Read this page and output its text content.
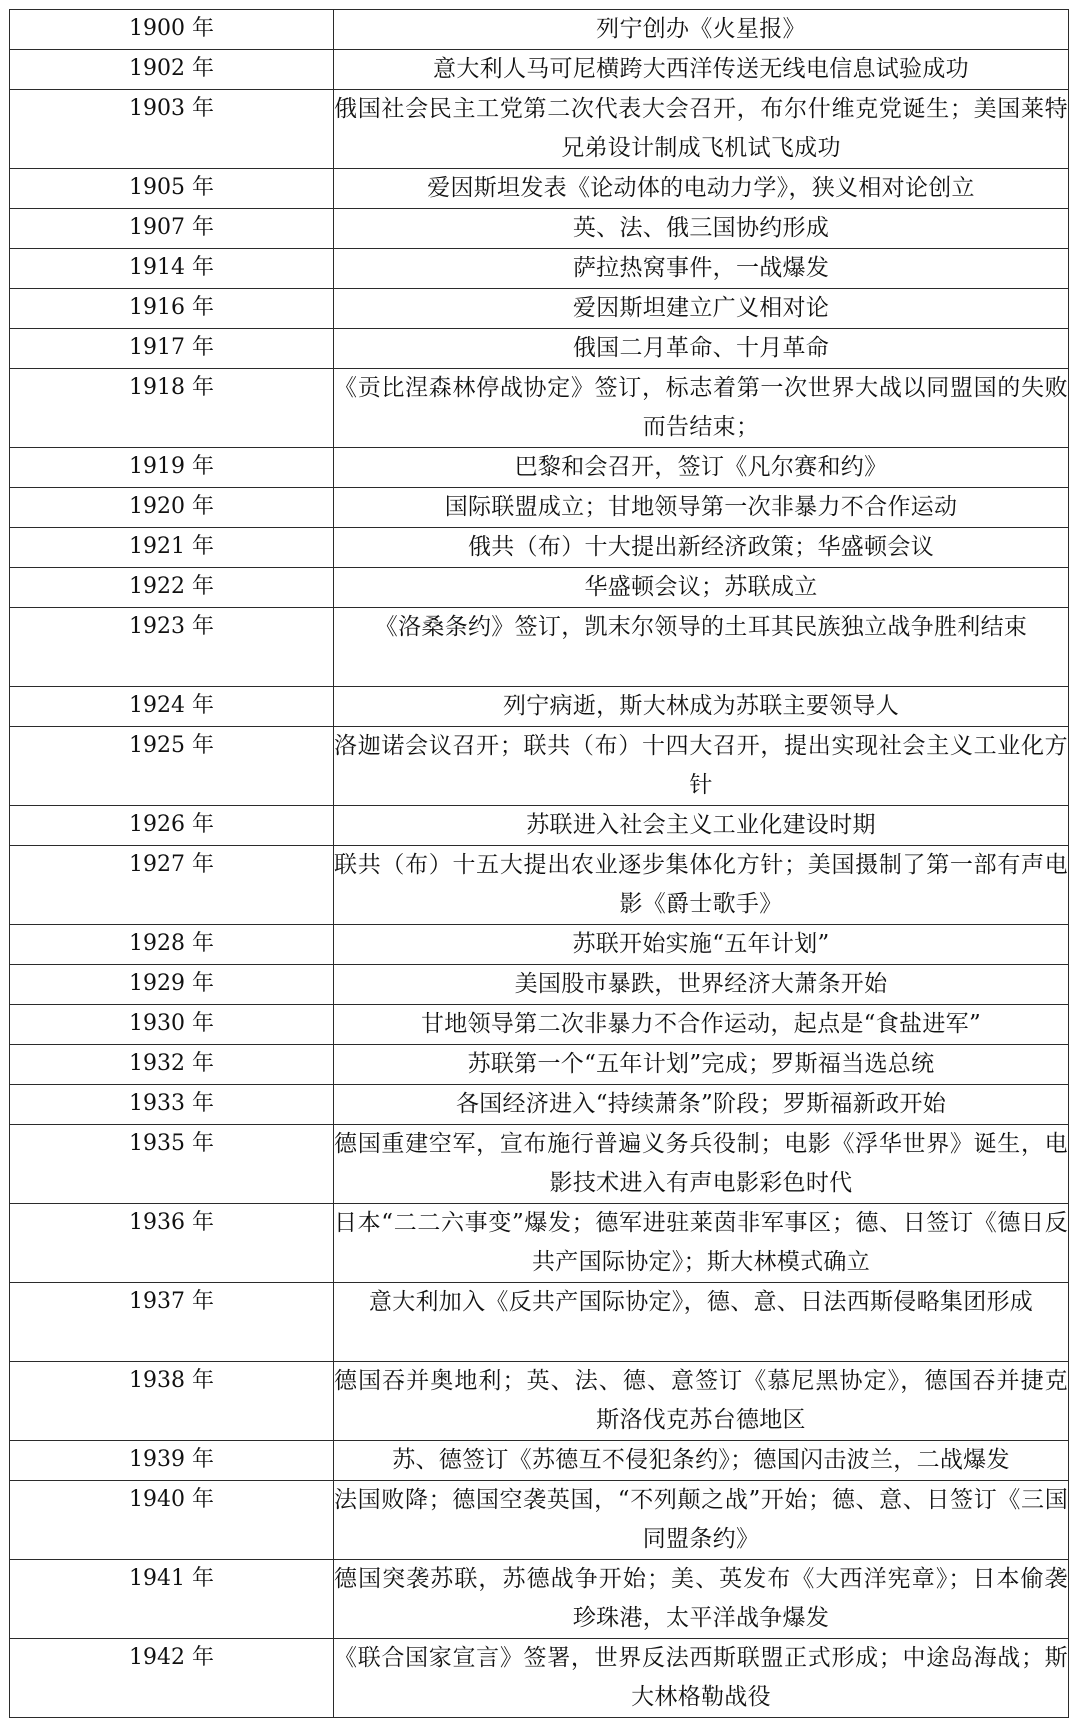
1900 年	列宁创办《火星报》
1902 年	意大利人马可尼横跨大西洋传送无线电信息试验成功
1903 年	俄国社会民主工党第二次代表大会召开，布尔什维克党诞生；美国莱特兄弟设计制成飞机试飞成功
1905 年	爱因斯坦发表《论动体的电动力学》，狭义相对论创立
1907 年	英、法、俄三国协约形成
1914 年	萨拉热窝事件，一战爆发
1916 年	爱因斯坦建立广义相对论
1917 年	俄国二月革命、十月革命
1918 年	《贡比涅森林停战协定》签订，标志着第一次世界大战以同盟国的失败而告结束；
1919 年	巴黎和会召开，签订《凡尔赛和约》
1920 年	国际联盟成立；甘地领导第一次非暴力不合作运动
1921 年	俄共（布）十大提出新经济政策；华盛顿会议
1922 年	华盛顿会议；苏联成立
1923 年	《洛桑条约》签订，凯末尔领导的土耳其民族独立战争胜利结束
1924 年	列宁病逝，斯大林成为苏联主要领导人
1925 年	洛迦诺会议召开；联共（布）十四大召开，提出实现社会主义工业化方针
1926 年	苏联进入社会主义工业化建设时期
1927 年	联共（布）十五大提出农业逐步集体化方针；美国摄制了第一部有声电影《爵士歌手》
1928 年	苏联开始实施“五年计划”
1929 年	美国股市暴跌，世界经济大萧条开始
1930 年	甘地领导第二次非暴力不合作运动，起点是“食盐进军”
1932 年	苏联第一个“五年计划”完成；罗斯福当选总统
1933 年	各国经济进入“持续萧条”阶段；罗斯福新政开始
1935 年	德国重建空军，宣布施行普遍义务兵役制；电影《浮华世界》诞生，电影技术进入有声电影彩色时代
1936 年	日本“二二六事变”爆发；德军进驻莱茵非军事区；德、日签订《德日反共产国际协定》；斯大林模式确立
1937 年	意大利加入《反共产国际协定》，德、意、日法西斯侵略集团形成
1938 年	德国吞并奥地利；英、法、德、意签订《慕尼黑协定》，德国吞并捷克斯洛伐克苏台德地区
1939 年	苏、德签订《苏德互不侵犯条约》；德国闪击波兰，二战爆发
1940 年	法国败降；德国空袭英国，“不列颠之战”开始；德、意、日签订《三国同盟条约》
1941 年	德国突袭苏联，苏德战争开始；美、英发布《大西洋宪章》；日本偷袭珍珠港，太平洋战争爆发
1942 年	《联合国家宣言》签署，世界反法西斯联盟正式形成；中途岛海战；斯大林格勒战役
